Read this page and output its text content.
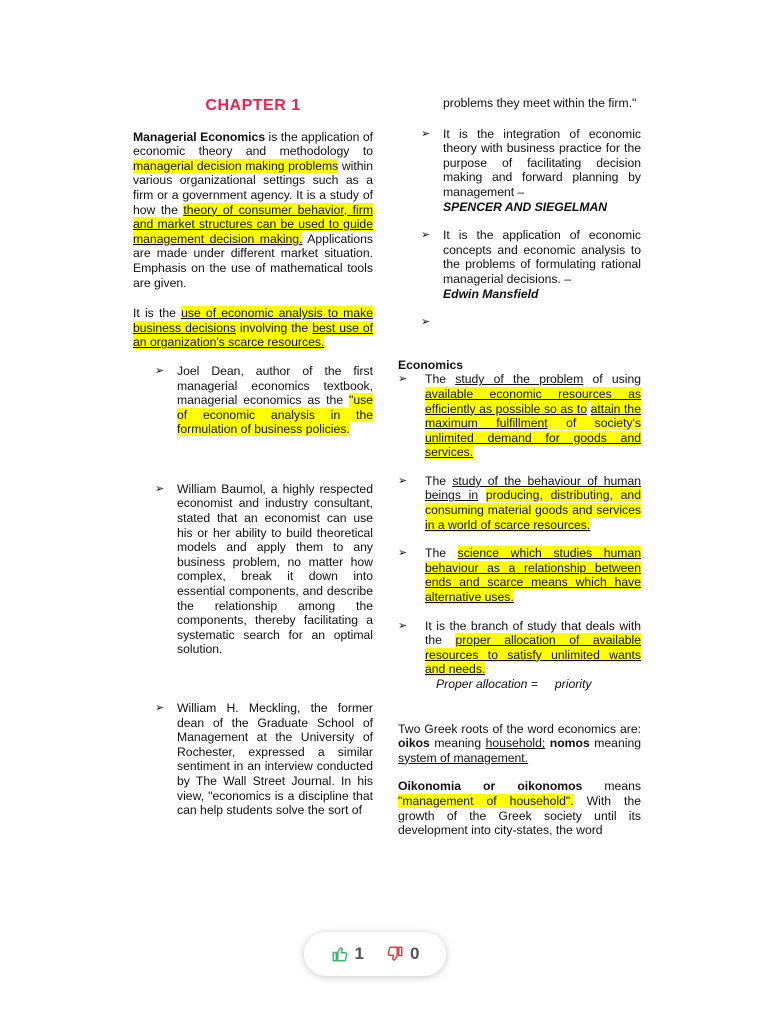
CHAPTER 1

Managerial Economics is the application of economic theory and methodology to managerial decision making problems within various organizational settings such as a firm or a government agency. It is a study of how the theory of consumer behavior, firm and market structures can be used to guide management decision making. Applications are made under different market situation. Emphasis on the use of mathematical tools are given.

It is the use of economic analysis to make business decisions involving the best use of an organization's scarce resources.

➢ Joel Dean, author of the first managerial economics textbook, managerial economics as the "use of economic analysis in the formulation of business policies.
➢ William Baumol, a highly respected economist and industry consultant, stated that an economist can use his or her ability to build theoretical models and apply them to any business problem, no matter how complex, break it down into essential components, and describe the relationship among the components, thereby facilitating a systematic search for an optimal solution.
➢ William H. Meckling, the former dean of the Graduate School of Management at the University of Rochester, expressed a similar sentiment in an interview conducted by The Wall Street Journal. In his view, "economics is a discipline that can help students solve the sort of
problems they meet within the firm."
➢ It is the integration of economic theory with business practice for the purpose of facilitating decision making and forward planning by management –
SPENCER AND SIEGELMAN
➢ It is the application of economic concepts and economic analysis to the problems of formulating rational managerial decisions. –
Edwin Mansfield
➢

Economics
➢ The study of the problem of using available economic resources as efficiently as possible so as to attain the maximum fulfillment of society's unlimited demand for goods and services.
➢ The study of the behaviour of human beings in producing, distributing, and consuming material goods and services in a world of scarce resources.
➢ The science which studies human behaviour as a relationship between ends and scarce means which have alternative uses.
➢ It is the branch of study that deals with the proper allocation of available resources to satisfy unlimited wants and needs.
Proper allocation = priority

Two Greek roots of the word economics are: oikos meaning household; nomos meaning system of management.

Oikonomia or oikonomos means "management of household". With the growth of the Greek society until its development into city-states, the word

1	0
